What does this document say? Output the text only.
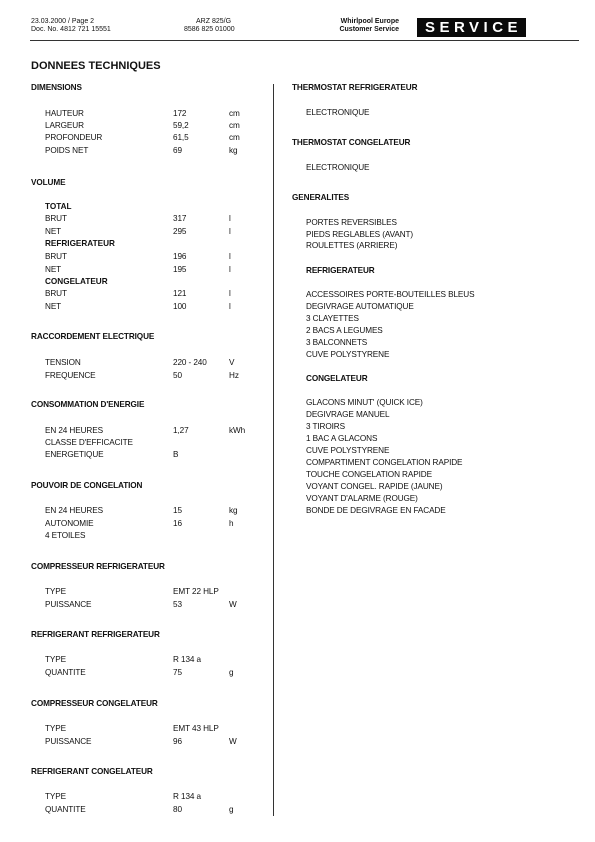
23.03.2000 / Page 2
Doc. No. 4812 721 15551
ARZ 825/G
8586 825 01000
Whirlpool Europe
Customer Service	SERVICE
DONNEES TECHNIQUES
DIMENSIONS
HAUTEUR	172	cm
LARGEUR	59,2	cm
PROFONDEUR	61,5	cm
POIDS NET	69	kg
VOLUME
TOTAL
BRUT	317	l
NET	295	l
REFRIGERATEUR
BRUT	196	l
NET	195	l
CONGELATEUR
BRUT	121	l
NET	100	l
RACCORDEMENT ELECTRIQUE
TENSION	220 - 240	V
FREQUENCE	50	Hz
CONSOMMATION D'ENERGIE
EN 24 HEURES	1,27	kWh
CLASSE D'EFFICACITE
ENERGETIQUE	B
POUVOIR DE CONGELATION
EN 24 HEURES	15	kg
AUTONOMIE	16	h
4 ETOILES
COMPRESSEUR REFRIGERATEUR
TYPE	EMT 22 HLP
PUISSANCE	53	W
REFRIGERANT REFRIGERATEUR
TYPE	R 134 a
QUANTITE	75	g
COMPRESSEUR CONGELATEUR
TYPE	EMT 43 HLP
PUISSANCE	96	W
REFRIGERANT CONGELATEUR
TYPE	R 134 a
QUANTITE	80	g
THERMOSTAT REFRIGERATEUR
ELECTRONIQUE
THERMOSTAT CONGELATEUR
ELECTRONIQUE
GENERALITES
PORTES REVERSIBLES
PIEDS REGLABLES (AVANT)
ROULETTES (ARRIERE)
REFRIGERATEUR
ACCESSOIRES PORTE-BOUTEILLES BLEUS
DEGIVRAGE AUTOMATIQUE
3 CLAYETTES
2 BACS A LEGUMES
3 BALCONNETS
CUVE POLYSTYRENE
CONGELATEUR
GLACONS MINUT' (QUICK ICE)
DEGIVRAGE MANUEL
3 TIROIRS
1 BAC A GLACONS
CUVE POLYSTYRENE
COMPARTIMENT CONGELATION RAPIDE
TOUCHE CONGELATION RAPIDE
VOYANT CONGEL. RAPIDE (JAUNE)
VOYANT D'ALARME (ROUGE)
BONDE DE DEGIVRAGE EN FACADE
